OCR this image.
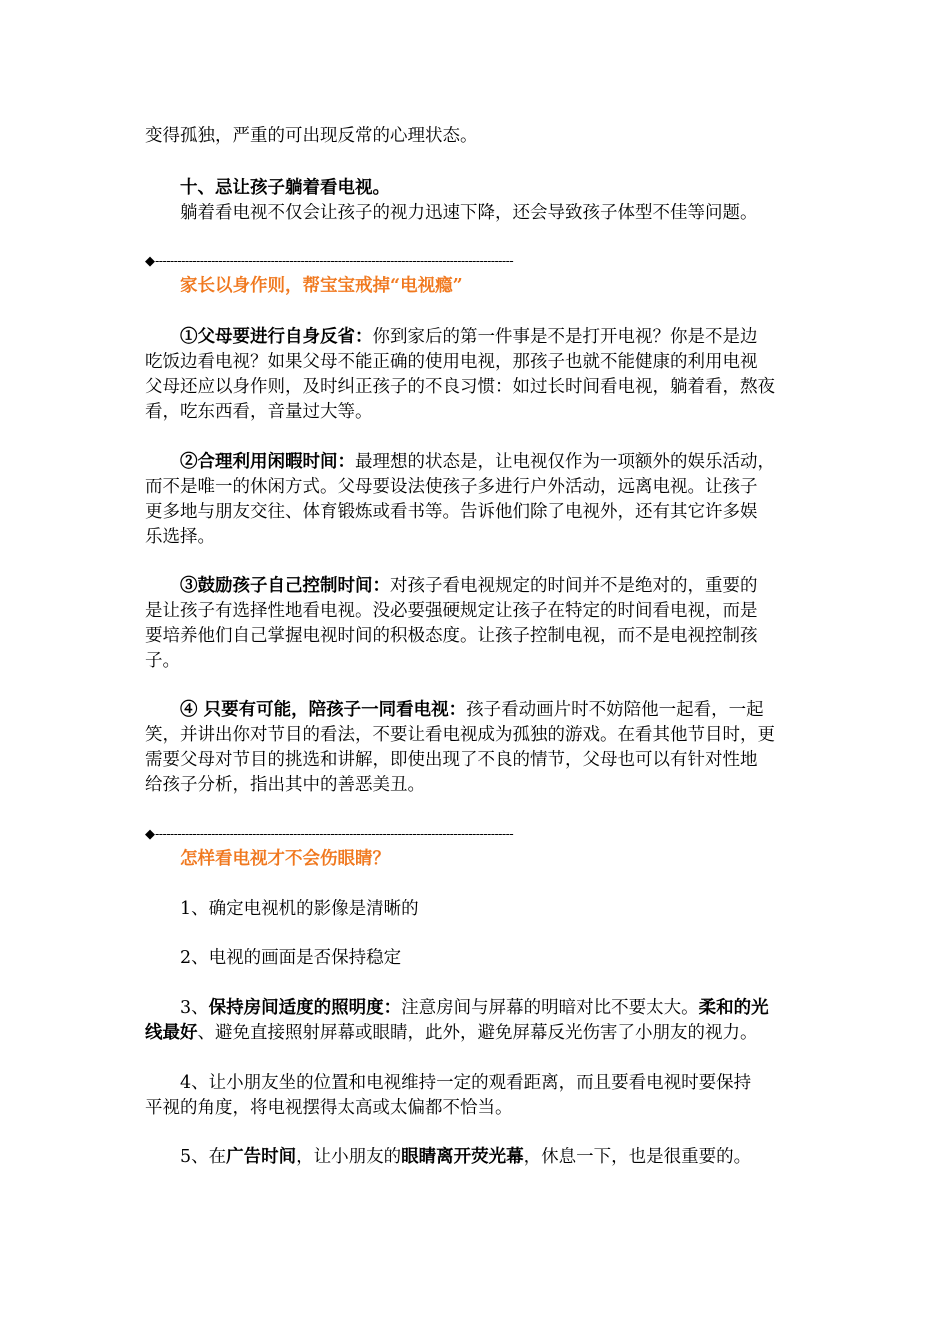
变得孤独，严重的可出现反常的心理状态。
十、忌让孩子躺着看电视。
躺着看电视不仅会让孩子的视力迅速下降，还会导致孩子体型不佳等问题。
◆------------------------------------------------------------------------------------------------
家长以身作则，帮宝宝戒掉“电视瘾”
①父母要进行自身反省：你到家后的第一件事是不是打开电视？你是不是边
吃饭边看电视？如果父母不能正确的使用电视，那孩子也就不能健康的利用电视
父母还应以身作则，及时纠正孩子的不良习惯：如过长时间看电视，躺着看，熬夜
看，吃东西看，音量过大等。
②合理利用闲暇时间：最理想的状态是，让电视仅作为一项额外的娱乐活动，
而不是唯一的休闲方式。父母要设法使孩子多进行户外活动，远离电视。让孩子
更多地与朋友交往、体育锻炼或看书等。告诉他们除了电视外，还有其它许多娱
乐选择。
③鼓励孩子自己控制时间：对孩子看电视规定的时间并不是绝对的，重要的
是让孩子有选择性地看电视。没必要强硬规定让孩子在特定的时间看电视，而是
要培养他们自己掌握电视时间的积极态度。让孩子控制电视，而不是电视控制孩
子。
④ 只要有可能，陪孩子一同看电视：孩子看动画片时不妨陪他一起看，一起
笑，并讲出你对节目的看法，不要让看电视成为孤独的游戏。在看其他节目时，更
需要父母对节目的挑选和讲解，即使出现了不良的情节，父母也可以有针对性地
给孩子分析，指出其中的善恶美丑。
◆------------------------------------------------------------------------------------------------
怎样看电视才不会伤眼睛？
1、确定电视机的影像是清晰的
2、电视的画面是否保持稳定
3、保持房间适度的照明度：注意房间与屏幕的明暗对比不要太大。柔和的光
线最好、避免直接照射屏幕或眼睛，此外，避免屏幕反光伤害了小朋友的视力。
4、让小朋友坐的位置和电视维持一定的观看距离，而且要看电视时要保持
平视的角度，将电视摆得太高或太偏都不恰当。
5、在广告时间，让小朋友的眼睛离开荧光幕，休息一下，也是很重要的。
